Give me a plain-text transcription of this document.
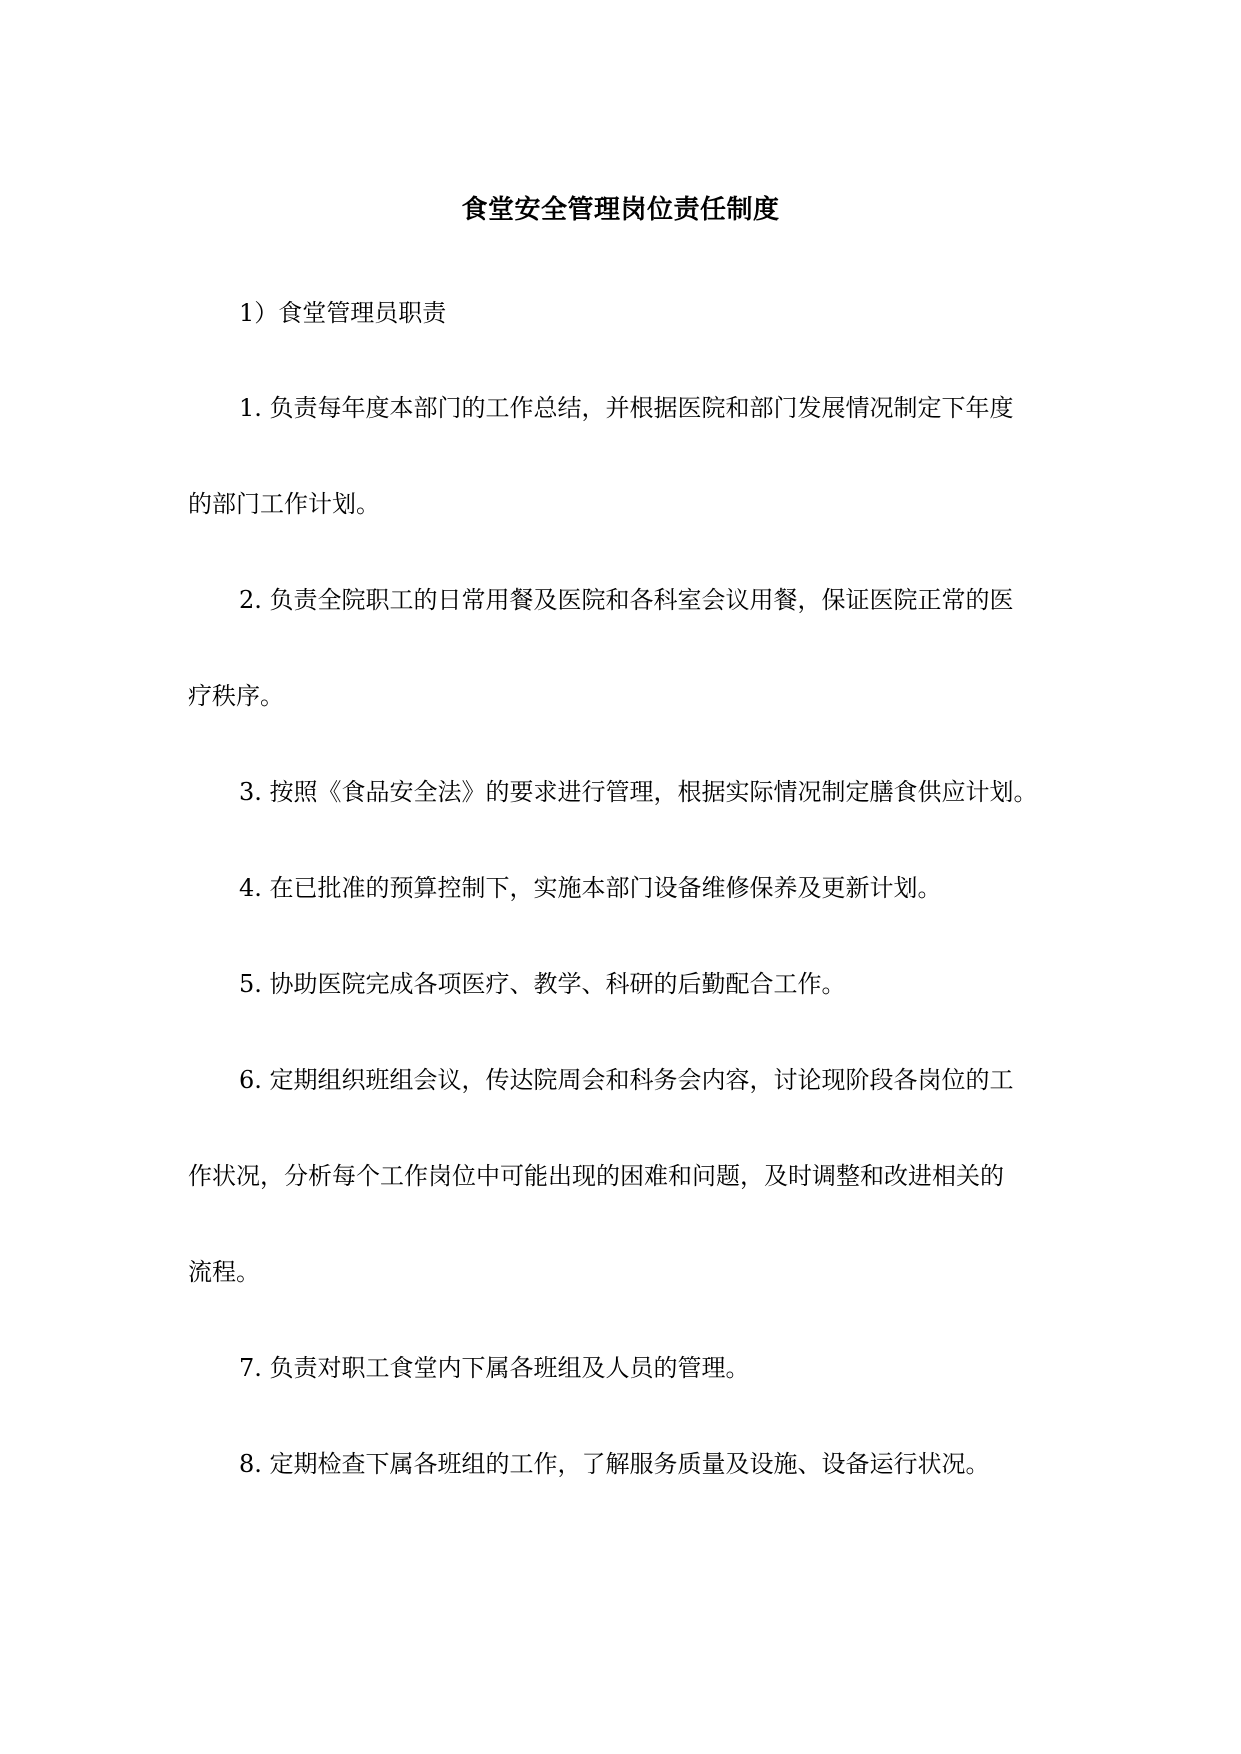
食堂安全管理岗位责任制度
1）食堂管理员职责
1. 负责每年度本部门的工作总结，并根据医院和部门发展情况制定下年度
的部门工作计划。
2. 负责全院职工的日常用餐及医院和各科室会议用餐，保证医院正常的医
疗秩序。
3. 按照《食品安全法》的要求进行管理，根据实际情况制定膳食供应计划。
4. 在已批准的预算控制下，实施本部门设备维修保养及更新计划。
5. 协助医院完成各项医疗、教学、科研的后勤配合工作。
6. 定期组织班组会议，传达院周会和科务会内容，讨论现阶段各岗位的工
作状况，分析每个工作岗位中可能出现的困难和问题，及时调整和改进相关的
流程。
7. 负责对职工食堂内下属各班组及人员的管理。
8. 定期检查下属各班组的工作，了解服务质量及设施、设备运行状况。
